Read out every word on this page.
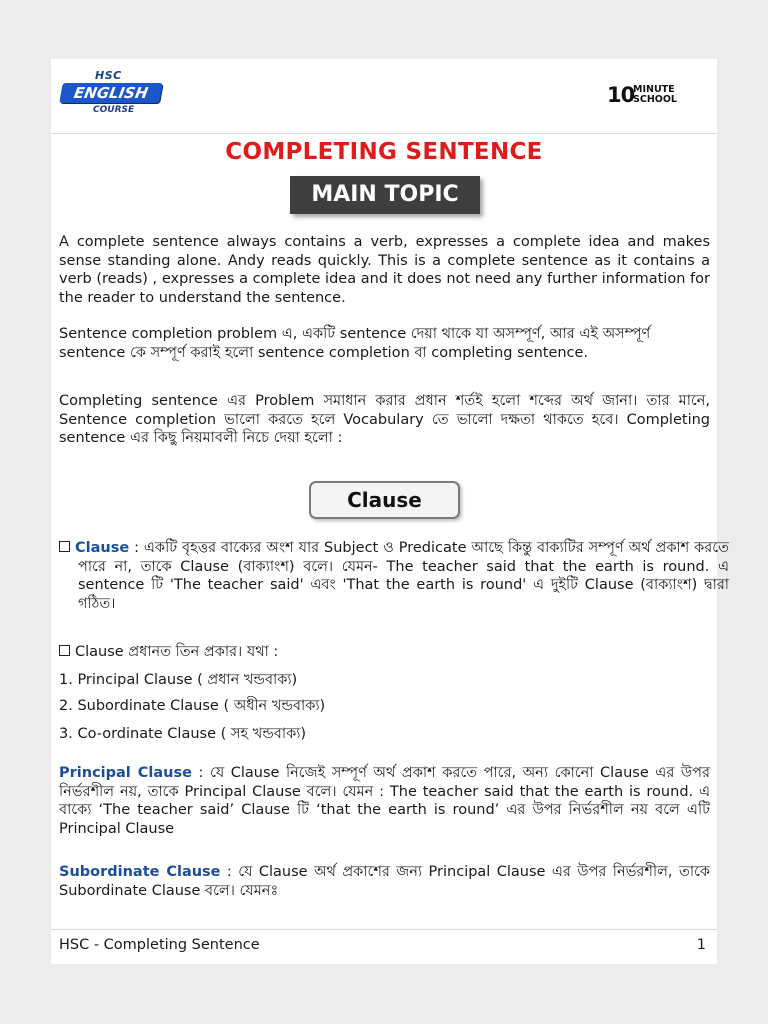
HSC
ENGLISH
COURSE
10
MINUTE
SCHOOL
COMPLETING SENTENCE
MAIN TOPIC
A complete sentence always contains a verb, expresses a complete idea and makes sense standing alone. Andy reads quickly. This is a complete sentence as it contains a verb (reads) , expresses a complete idea and it does not need any further information for the reader to understand the sentence.
Sentence completion problem এ, একটি sentence দেয়া থাকে যা অসম্পূর্ণ, আর এই অসম্পূর্ণ sentence কে সম্পূর্ণ করাই হলো sentence completion বা completing sentence.
Completing sentence এর Problem সমাধান করার প্রধান শর্তই হলো শব্দের অর্থ জানা। তার মানে, Sentence completion ভালো করতে হলে Vocabulary তে ভালো দক্ষতা থাকতে হবে। Completing sentence এর কিছু নিয়মাবলী নিচে দেয়া হলো :
Clause
Clause : একটি বৃহত্তর বাক্যের অংশ যার Subject ও Predicate আছে কিন্তু বাক্যটির সম্পূর্ণ অর্থ প্রকাশ করতে পারে না, তাকে Clause (বাক্যাংশ) বলে। যেমন- The teacher said that the earth is round. এ sentence টি 'The teacher said' এবং 'That the earth is round' এ দুইটি Clause (বাক্যাংশ) দ্বারা গঠিত।
Clause প্রধানত তিন প্রকার। যথা :
1. Principal Clause ( প্রধান খন্ডবাক্য)
2. Subordinate Clause ( অধীন খন্ডবাক্য)
3. Co-ordinate Clause ( সহ খন্ডবাক্য)
Principal Clause : যে Clause নিজেই সম্পূর্ণ অর্থ প্রকাশ করতে পারে, অন্য কোনো Clause এর উপর নির্ভরশীল নয়, তাকে Principal Clause বলে। যেমন : The teacher said that the earth is round. এ বাক্যে ‘The teacher said’ Clause টি ‘that the earth is round’ এর উপর নির্ভরশীল নয় বলে এটি Principal Clause
Subordinate Clause : যে Clause অর্থ প্রকাশের জন্য Principal Clause এর উপর নির্ভরশীল, তাকে Subordinate Clause বলে। যেমনঃ
HSC - Completing Sentence	1
